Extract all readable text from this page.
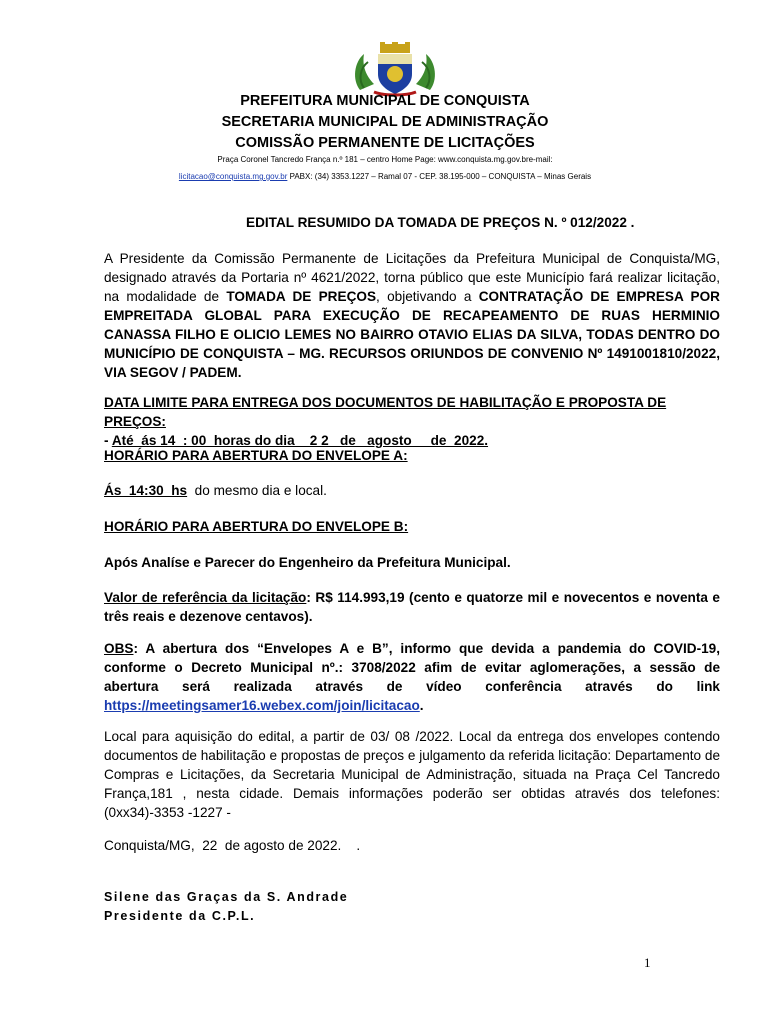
PREFEITURA MUNICIPAL DE CONQUISTA
SECRETARIA MUNICIPAL DE ADMINISTRAÇÃO
COMISSÃO PERMANENTE DE LICITAÇÕES
Praça Coronel Tancredo França n.º 181 – centro Home Page: www.conquista.mg.gov.bre-mail:
licitacao@conquista.mg.gov.br PABX: (34) 3353.1227 – Ramal 07 - CEP. 38.195-000 – CONQUISTA – Minas Gerais
EDITAL RESUMIDO DA TOMADA DE PREÇOS N. º 012/2022 .
A Presidente da Comissão Permanente de Licitações da Prefeitura Municipal de Conquista/MG, designado através da Portaria nº 4621/2022, torna público que este Município fará realizar licitação, na modalidade de TOMADA DE PREÇOS, objetivando a CONTRATAÇÃO DE EMPRESA POR EMPREITADA GLOBAL PARA EXECUÇÃO DE RECAPEAMENTO DE RUAS HERMINIO CANASSA FILHO E OLICIO LEMES NO BAIRRO OTAVIO ELIAS DA SILVA, TODAS DENTRO DO MUNICÍPIO DE CONQUISTA – MG. RECURSOS ORIUNDOS DE CONVENIO Nº 1491001810/2022, VIA SEGOV / PADEM.
DATA LIMITE PARA ENTREGA DOS DOCUMENTOS DE HABILITAÇÃO E PROPOSTA DE PREÇOS:
- Até  ás 14  : 00  horas do dia    2 2   de   agosto     de  2022.
HORÁRIO PARA ABERTURA DO ENVELOPE A:
Ás  14:30  hs  do mesmo dia e local.
HORÁRIO PARA ABERTURA DO ENVELOPE B:
Após Analíse e Parecer do Engenheiro da Prefeitura Municipal.
Valor de referência da licitação: R$ 114.993,19 (cento e quatorze mil e novecentos e noventa e três reais e dezenove centavos).
OBS: A abertura dos “Envelopes A e B”, informo que devida a pandemia do COVID-19, conforme o Decreto Municipal nº.: 3708/2022 afim de evitar aglomerações, a sessão de abertura será realizada através de vídeo conferência através do link https://meetingsamer16.webex.com/join/licitacao.
Local para aquisição do edital, a partir de 03/ 08 /2022. Local da entrega dos envelopes contendo documentos de habilitação e propostas de preços e julgamento da referida licitação: Departamento de Compras e Licitações, da Secretaria Municipal de Administração, situada na Praça Cel Tancredo França,181 , nesta cidade. Demais informações poderão ser obtidas através dos telefones: (0xx34)-3353 -1227 -
Conquista/MG,  22  de agosto de 2022.    .
Silene das Graças da S. Andrade
Presidente da C.P.L.
1
